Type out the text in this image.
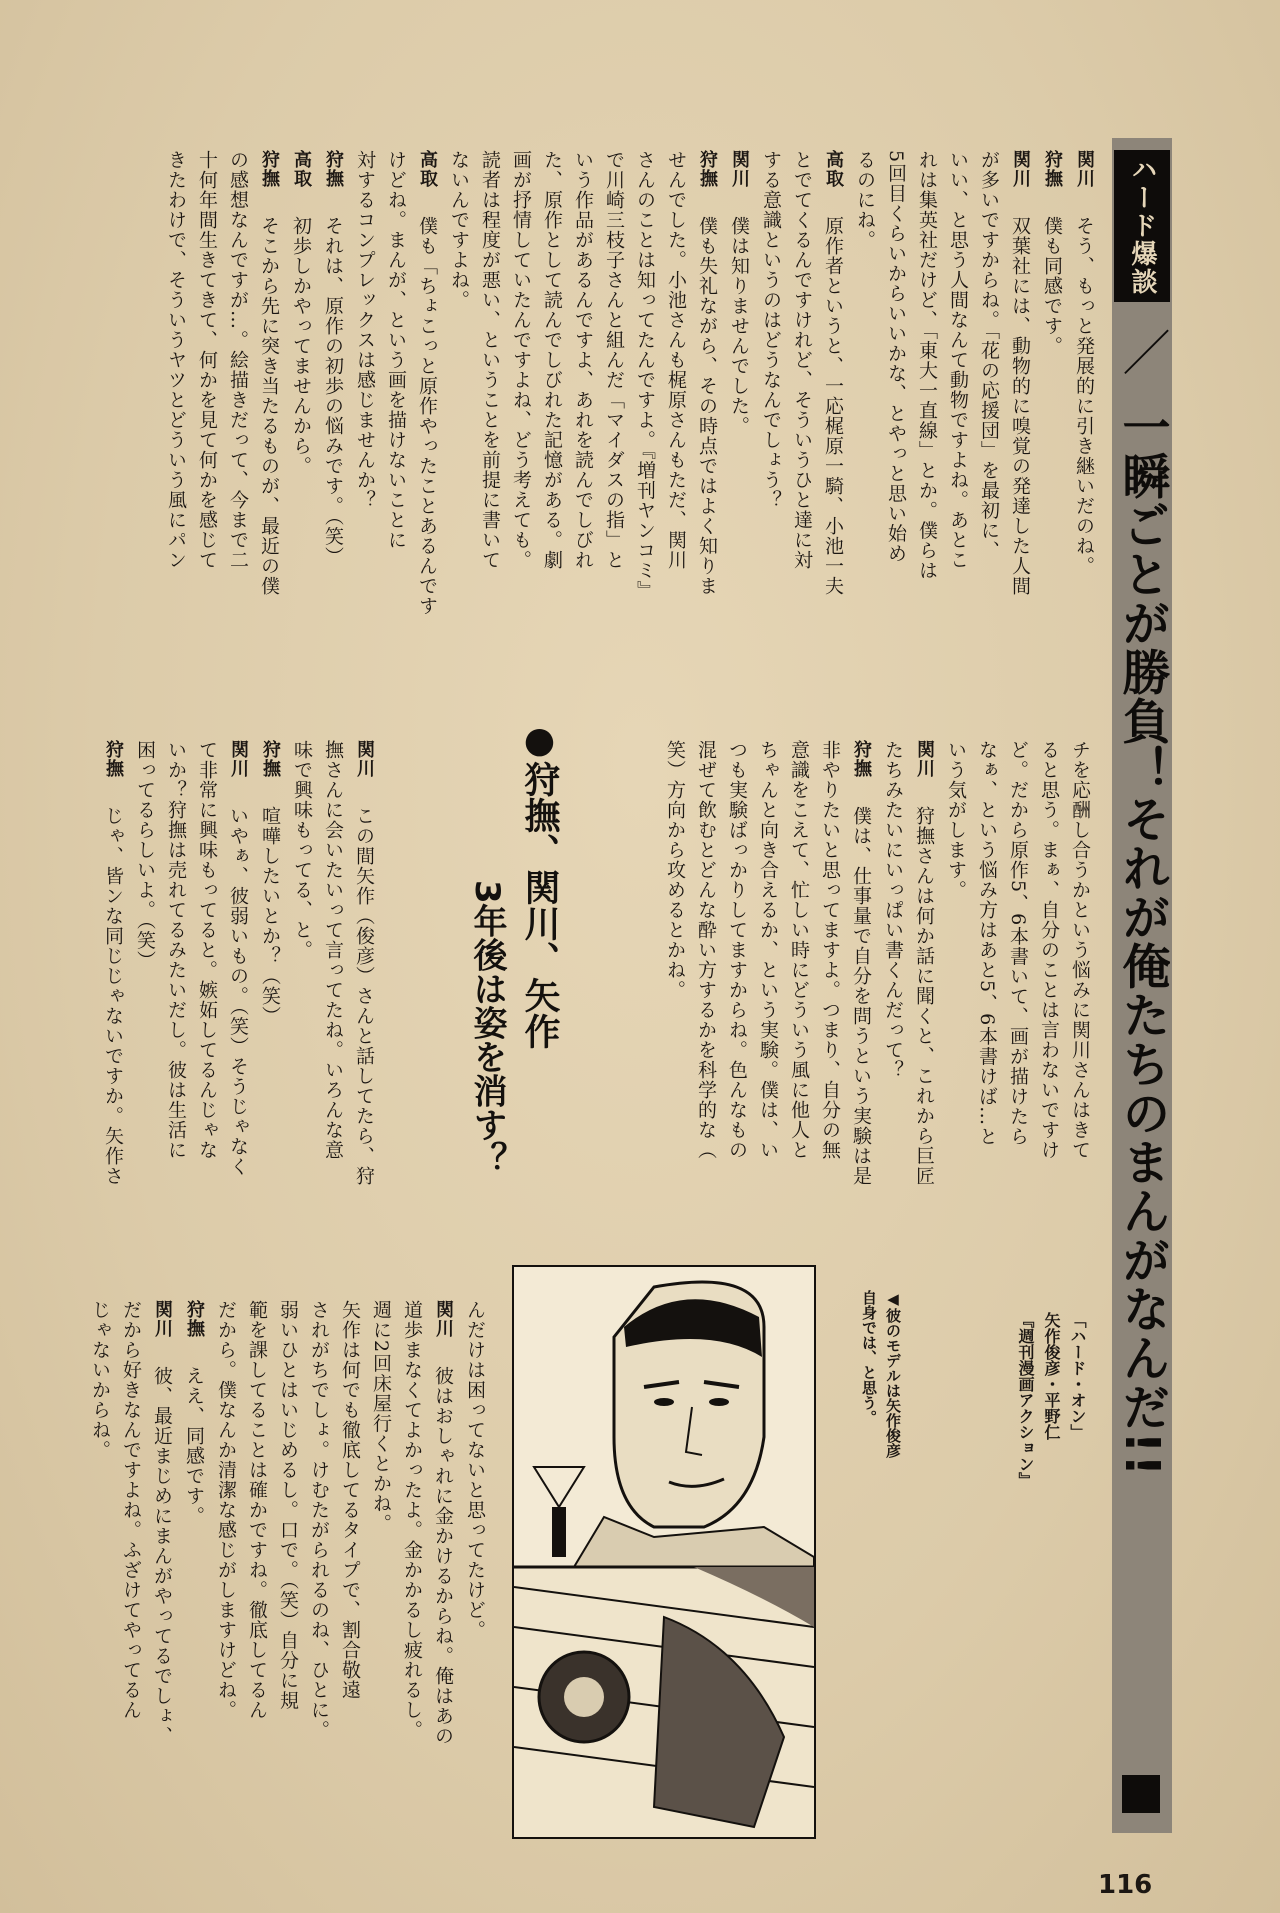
ハード爆談 ／ 一瞬ごとが勝負！それが俺たちのまんがなんだ!!
関川　そう、もっと発展的に引き継いだのね。
狩撫　僕も同感です。
関川　双葉社には、動物的に嗅覚の発達した人間
が多いですからね。「花の応援団」を最初に、
いい、と思う人間なんて動物ですよね。あとこ
れは集英社だけど、「東大一直線」とか。僕らは
5回目くらいからいいかな、とやっと思い始め
るのにね。
高取　原作者というと、一応梶原一騎、小池一夫
とでてくるんですけれど、そういうひと達に対
する意識というのはどうなんでしょう？
関川　僕は知りませんでした。
狩撫　僕も失礼ながら、その時点ではよく知りま
せんでした。小池さんも梶原さんもただ、関川
さんのことは知ってたんですよ。『増刊ヤンコミ』
で川崎三枝子さんと組んだ「マイダスの指」と
いう作品があるんですよ、あれを読んでしびれ
た、原作として読んでしびれた記憶がある。劇
画が抒情していたんですよね、どう考えても。
読者は程度が悪い、ということを前提に書いて
ないんですよね。
高取　僕も「ちょこっと原作やったことあるんです
けどね。まんが、という画を描けないことに
対するコンプレックスは感じませんか？
狩撫　それは、原作の初歩の悩みです。（笑）
高取　初歩しかやってませんから。
狩撫　そこから先に突き当たるものが、最近の僕
の感想なんですが…。絵描きだって、今まで二
十何年間生きてきて、何かを見て何かを感じて
きたわけで、そういうヤツとどういう風にパン
チを応酬し合うかという悩みに関川さんはきて
ると思う。まぁ、自分のことは言わないですけ
ど。だから原作5、6本書いて、画が描けたら
なぁ、という悩み方はあと5、6本書けば…と
いう気がします。
関川　狩撫さんは何か話に聞くと、これから巨匠
たちみたいにいっぱい書くんだって？
狩撫　僕は、仕事量で自分を問うという実験は是
非やりたいと思ってますよ。つまり、自分の無
意識をこえて、忙しい時にどういう風に他人と
ちゃんと向き合えるか、という実験。僕は、い
つも実験ばっかりしてますからね。色んなもの
混ぜて飲むとどんな酔い方するかを科学的な（
笑）方向から攻めるとかね。
●狩撫、関川、矢作
3年後は姿を消す？
関川　この間矢作（俊彦）さんと話してたら、狩
撫さんに会いたいって言ってたね。いろんな意
味で興味もってる、と。
狩撫　喧嘩したいとか？（笑）
関川　いやぁ、彼弱いもの。（笑）そうじゃなく
て非常に興味もってると。嫉妬してるんじゃな
いか？狩撫は売れてるみたいだし。彼は生活に
困ってるらしいよ。（笑）
狩撫　じゃ、皆ンな同じじゃないですか。矢作さ
「ハード・オン」
矢作俊彦・平野仁
『週刊漫画アクション』
◀彼のモデルは矢作俊彦
自身では、と思う。
んだけは困ってないと思ってたけど。
関川　彼はおしゃれに金かけるからね。俺はあの
道歩まなくてよかったよ。金かかるし疲れるし。
週に2回床屋行くとかね。
矢作は何でも徹底してるタイプで、割合敬遠
されがちでしょ。けむたがられるのね、ひとに。
弱いひとはいじめるし。口で。（笑）自分に規
範を課してることは確かですね。徹底してるん
だから。僕なんか清潔な感じがしますけどね。
狩撫　ええ、同感です。
関川　彼、最近まじめにまんがやってるでしょ、
だから好きなんですよね。ふざけてやってるん
じゃないからね。
116
